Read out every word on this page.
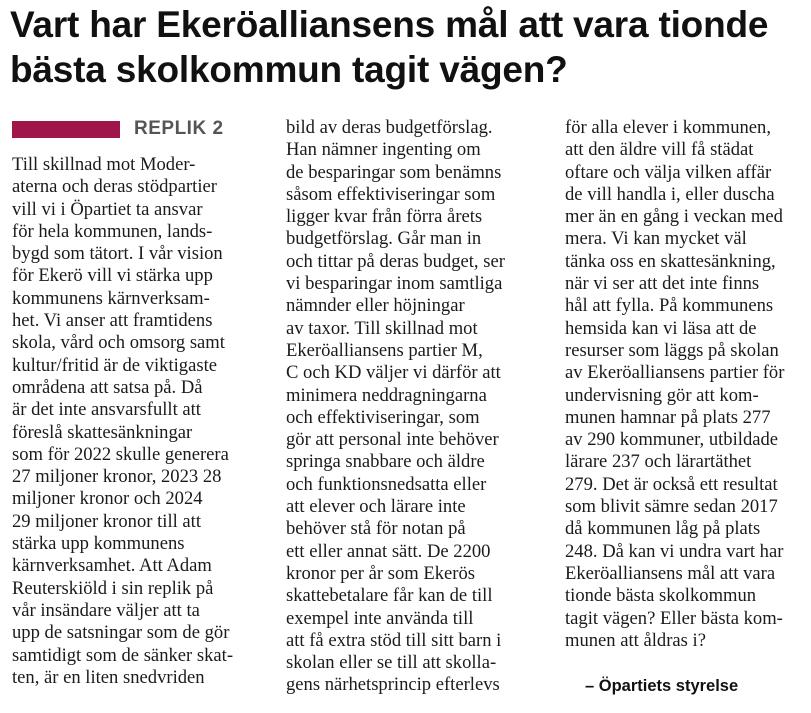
Vart har Ekeröalliansens mål att vara tionde bästa skolkommun tagit vägen?
REPLIK 2
Till skillnad mot Moder-
aterna och deras stödpartier
vill vi i Öpartiet ta ansvar
för hela kommunen, lands-
bygd som tätort. I vår vision
för Ekerö vill vi stärka upp
kommunens kärnverksam-
het. Vi anser att framtidens
skola, vård och omsorg samt
kultur/fritid är de viktigaste
områdena att satsa på. Då
är det inte ansvarsfullt att
föreslå skattesänkningar
som för 2022 skulle generera
27 miljoner kronor, 2023 28
miljoner kronor och 2024
29 miljoner kronor till att
stärka upp kommunens
kärnverksamhet. Att Adam
Reuterskiöld i sin replik på
vår insändare väljer att ta
upp de satsningar som de gör
samtidigt som de sänker skat-
ten, är en liten snedvriden
bild av deras budgetförslag.
Han nämner ingenting om
de besparingar som benämns
såsom effektiviseringar som
ligger kvar från förra årets
budgetförslag. Går man in
och tittar på deras budget, ser
vi besparingar inom samtliga
nämnder eller höjningar
av taxor. Till skillnad mot
Ekeröalliansens partier M,
C och KD väljer vi därför att
minimera neddragningarna
och effektiviseringar, som
gör att personal inte behöver
springa snabbare och äldre
och funktionsnedsatta eller
att elever och lärare inte
behöver stå för notan på
ett eller annat sätt. De 2200
kronor per år som Ekerös
skattebetalare får kan de till
exempel inte använda till
att få extra stöd till sitt barn i
skolan eller se till att skolla-
gens närhetsprincip efterlevs
för alla elever i kommunen,
att den äldre vill få städat
oftare och välja vilken affär
de vill handla i, eller duscha
mer än en gång i veckan med
mera. Vi kan mycket väl
tänka oss en skattesänkning,
när vi ser att det inte finns
hål att fylla. På kommunens
hemsida kan vi läsa att de
resurser som läggs på skolan
av Ekeröalliansens partier för
undervisning gör att kom-
munen hamnar på plats 277
av 290 kommuner, utbildade
lärare 237 och lärartäthet
279. Det är också ett resultat
som blivit sämre sedan 2017
då kommunen låg på plats
248. Då kan vi undra vart har
Ekeröalliansens mål att vara
tionde bästa skolkommun
tagit vägen? Eller bästa kom-
munen att åldras i?
– Öpartiets styrelse
